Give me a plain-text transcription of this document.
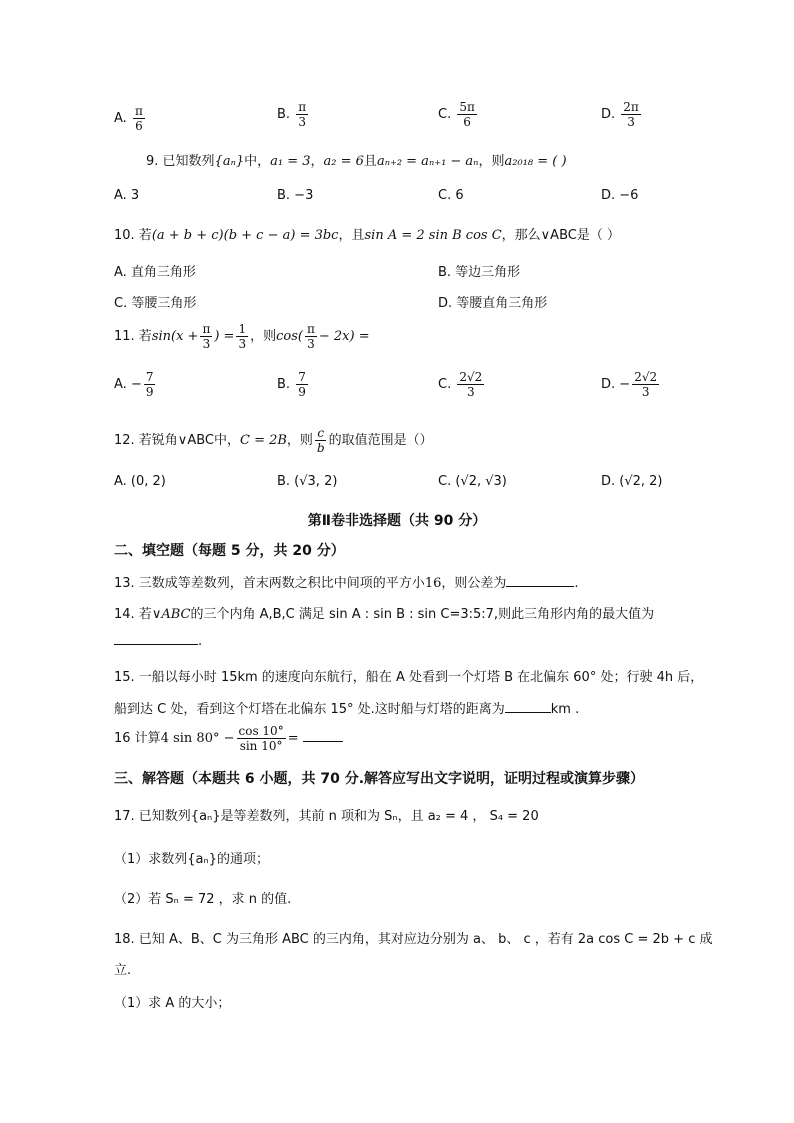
A. $\frac{\pi}{6}$	B. $\frac{\pi}{3}$	C. $\frac{5\pi}{6}$	D. $\frac{2\pi}{3}$
9. 已知数列{aₙ}中，a₁ = 3，a₂ = 6且aₙ₊₂ = aₙ₊₁ − aₙ，则a₂₀₁₈ = ( )
A. 3	B. −3	C. 6	D. −6
10. 若(a + b + c)(b + c − a) = 3bc，且sin A = 2 sin B cos C，那么∨ABC是（ ）
A. 直角三角形	B. 等边三角形
C. 等腰三角形	D. 等腰直角三角形
11. 若$\sin(x + \frac{\pi}{3}$ ) = $\frac{1}{3}$ ，则$\cos( \frac{\pi}{3} - 2x)$ =
A. − $\frac{7}{9}$	B. $\frac{7}{9}$	C. $\frac{2√2}{3}$	D. − $\frac{2√2}{3}$
12. 若锐角∨ABC中，C = 2B，则 $\frac{c}{b}$ 的取值范围是（）
A. (0, 2)	B. (√3, 2)	C. (√2, √3)	D. (√2, 2)
第Ⅱ卷非选择题（共 90 分）
二、填空题（每题 5 分，共 20 分）
13. 三数成等差数列，首末两数之积比中间项的平方小16，则公差为	.
14. 若∨ABC的三个内角 A,B,C 满足 sin A : sin B : sin C=3:5:7,则此三角形内角的最大值为
.
15. 一船以每小时 15km 的速度向东航行，船在 A 处看到一个灯塔 B 在北偏东 60° 处；行驶 4h 后，
船到达 C 处，看到这个灯塔在北偏东 15° 处.这时船与灯塔的距离为	km .
16 计算4 $\sin 80^\circ - \frac{\cos 10^\circ}{\sin 10^\circ}$ =
三、解答题（本题共 6 小题，共 70 分.解答应写出文字说明，证明过程或演算步骤）
17. 已知数列{aₙ}是等差数列，其前 n 项和为 Sₙ，且 a₂ = 4 ， S₄ = 20
（1）求数列{aₙ}的通项；
（2）若 Sₙ = 72 ，求 n 的值.
18. 已知 A、B、C 为三角形 ABC 的三内角，其对应边分别为 a、 b、 c ，若有 2a cos C = 2b + c 成
立.
（1）求 A 的大小；
